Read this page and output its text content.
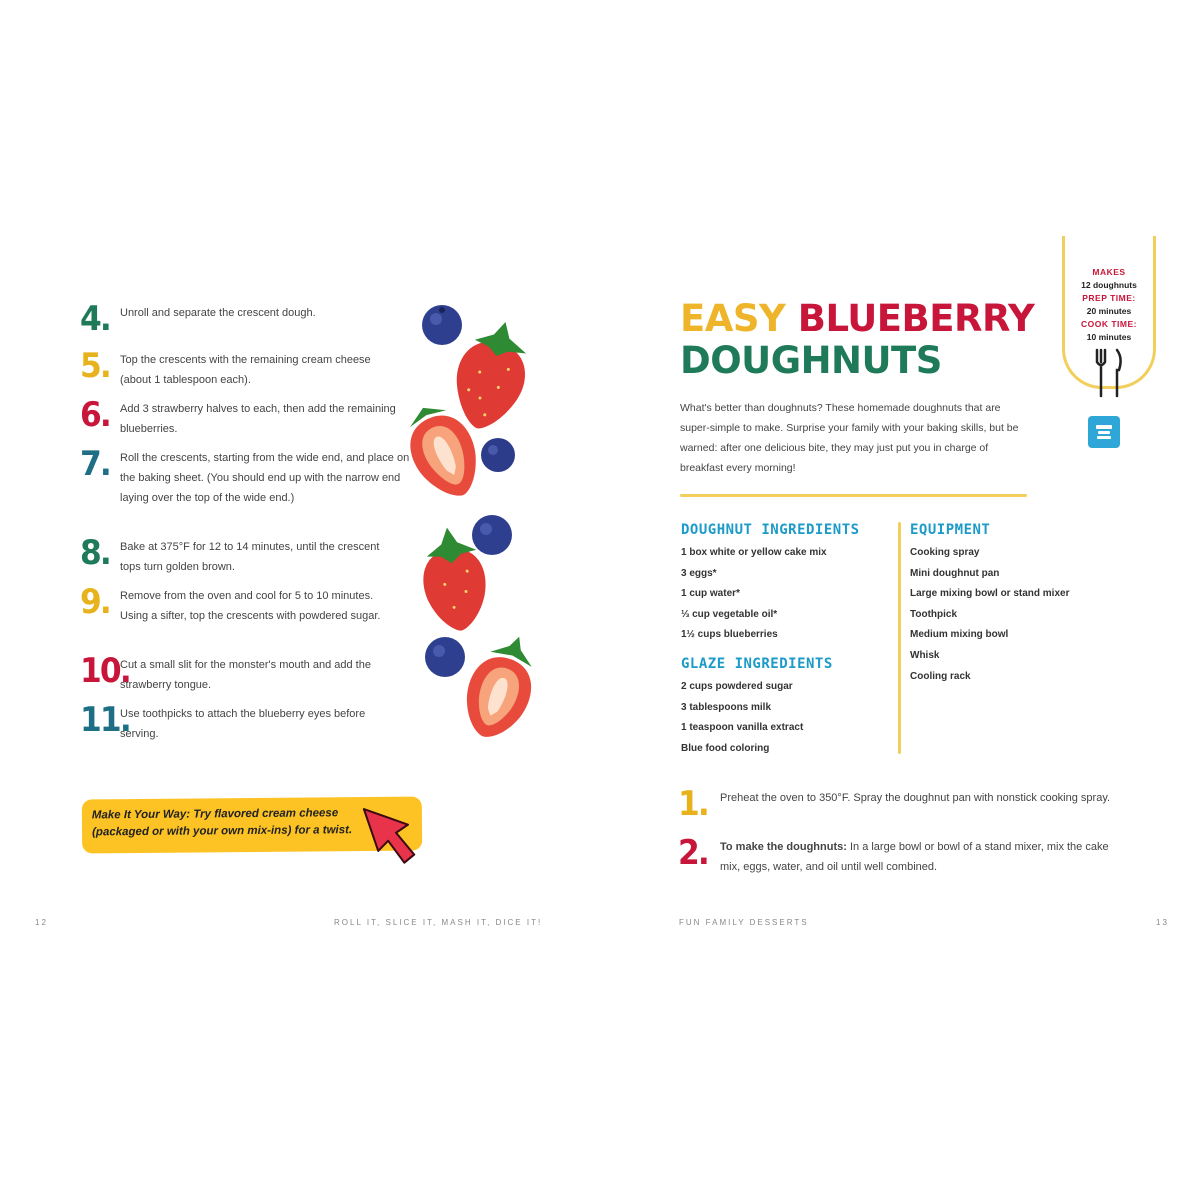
4. Unroll and separate the crescent dough.
5. Top the crescents with the remaining cream cheese (about 1 tablespoon each).
6. Add 3 strawberry halves to each, then add the remaining blueberries.
7. Roll the crescents, starting from the wide end, and place on the baking sheet. (You should end up with the narrow end laying over the top of the wide end.)
8. Bake at 375°F for 12 to 14 minutes, until the crescent tops turn golden brown.
9. Remove from the oven and cool for 5 to 10 minutes. Using a sifter, top the crescents with powdered sugar.
10.
Cut a small slit for the monster's mouth and add the strawberry tongue.
11.
Use toothpicks to attach the blueberry eyes before serving.
Make It Your Way: Try flavored cream cheese (packaged or with your own mix-ins) for a twist.
12	ROLL IT, SLICE IT, MASH IT, DICE IT!
EASY BLUEBERRY
DOUGHNUTS
MAKES
12 doughnuts
PREP TIME:
20 minutes
COOK TIME:
10 minutes
What's better than doughnuts? These homemade doughnuts that are super-simple to make. Surprise your family with your baking skills, but be warned: after one delicious bite, they may just put you in charge of breakfast every morning!
DOUGHNUT INGREDIENTS
1 box white or yellow cake mix
3 eggs*
1 cup water*
⅓ cup vegetable oil*
1½ cups blueberries
GLAZE INGREDIENTS
2 cups powdered sugar
3 tablespoons milk
1 teaspoon vanilla extract
Blue food coloring
EQUIPMENT
Cooking spray
Mini doughnut pan
Large mixing bowl or stand mixer
Toothpick
Medium mixing bowl
Whisk
Cooling rack
1.	Preheat the oven to 350°F. Spray the doughnut pan with nonstick cooking spray.
2.	To make the doughnuts: In a large bowl or bowl of a stand mixer, mix the cake mix, eggs, water, and oil until well combined.
FUN FAMILY DESSERTS	13
